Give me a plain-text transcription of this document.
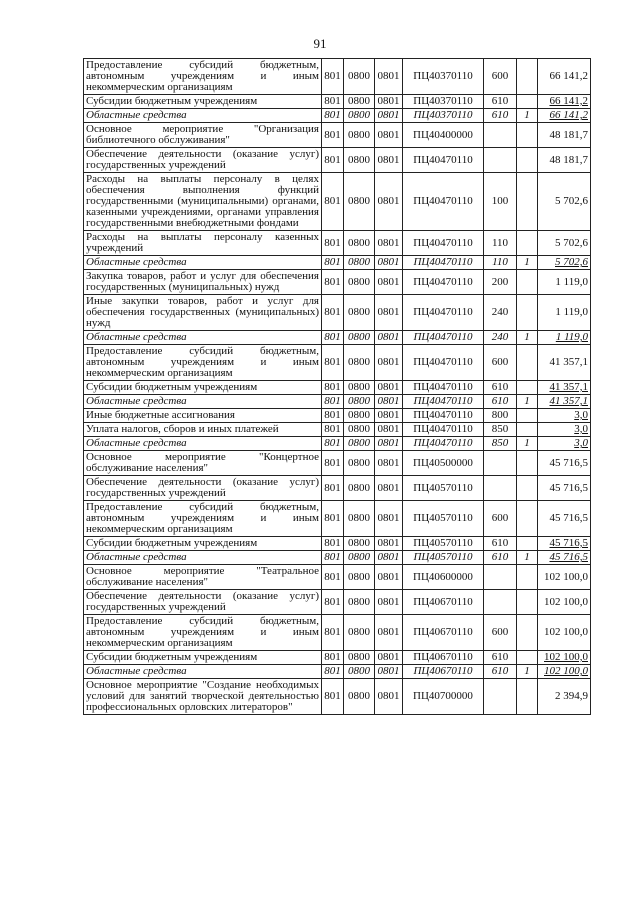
91
Предоставление субсидий бюджетным, автономным учреждениям и иным некоммерческим организациям	801	0800	0801	ПЦ40370110	600		66 141,2
Субсидии бюджетным учреждениям	801	0800	0801	ПЦ40370110	610		66 141,2
Областные средства	801	0800	0801	ПЦ40370110	610	1	66 141,2
Основное мероприятие "Организация библиотечного обслуживания"	801	0800	0801	ПЦ40400000			48 181,7
Обеспечение деятельности (оказание услуг) государственных учреждений	801	0800	0801	ПЦ40470110			48 181,7
Расходы на выплаты персоналу в целях обеспечения выполнения функций государственными (муниципальными) органами, казенными учреждениями, органами управления государственными внебюджетными фондами	801	0800	0801	ПЦ40470110	100		5 702,6
Расходы на выплаты персоналу казенных учреждений	801	0800	0801	ПЦ40470110	110		5 702,6
Областные средства	801	0800	0801	ПЦ40470110	110	1	5 702,6
Закупка товаров, работ и услуг для обеспечения государственных (муниципальных) нужд	801	0800	0801	ПЦ40470110	200		1 119,0
Иные закупки товаров, работ и услуг для обеспечения государственных (муниципальных) нужд	801	0800	0801	ПЦ40470110	240		1 119,0
Областные средства	801	0800	0801	ПЦ40470110	240	1	1 119,0
Предоставление субсидий бюджетным, автономным учреждениям и иным некоммерческим организациям	801	0800	0801	ПЦ40470110	600		41 357,1
Субсидии бюджетным учреждениям	801	0800	0801	ПЦ40470110	610		41 357,1
Областные средства	801	0800	0801	ПЦ40470110	610	1	41 357,1
Иные бюджетные ассигнования	801	0800	0801	ПЦ40470110	800		3,0
Уплата налогов, сборов и иных платежей	801	0800	0801	ПЦ40470110	850		3,0
Областные средства	801	0800	0801	ПЦ40470110	850	1	3,0
Основное мероприятие "Концертное обслуживание населения"	801	0800	0801	ПЦ40500000			45 716,5
Обеспечение деятельности (оказание услуг) государственных учреждений	801	0800	0801	ПЦ40570110			45 716,5
Предоставление субсидий бюджетным, автономным учреждениям и иным некоммерческим организациям	801	0800	0801	ПЦ40570110	600		45 716,5
Субсидии бюджетным учреждениям	801	0800	0801	ПЦ40570110	610		45 716,5
Областные средства	801	0800	0801	ПЦ40570110	610	1	45 716,5
Основное мероприятие "Театральное обслуживание населения"	801	0800	0801	ПЦ40600000			102 100,0
Обеспечение деятельности (оказание услуг) государственных учреждений	801	0800	0801	ПЦ40670110			102 100,0
Предоставление субсидий бюджетным, автономным учреждениям и иным некоммерческим организациям	801	0800	0801	ПЦ40670110	600		102 100,0
Субсидии бюджетным учреждениям	801	0800	0801	ПЦ40670110	610		102 100,0
Областные средства	801	0800	0801	ПЦ40670110	610	1	102 100,0
Основное мероприятие "Создание необходимых условий для занятий творческой деятельностью профессиональных орловских литераторов"	801	0800	0801	ПЦ40700000			2 394,9
